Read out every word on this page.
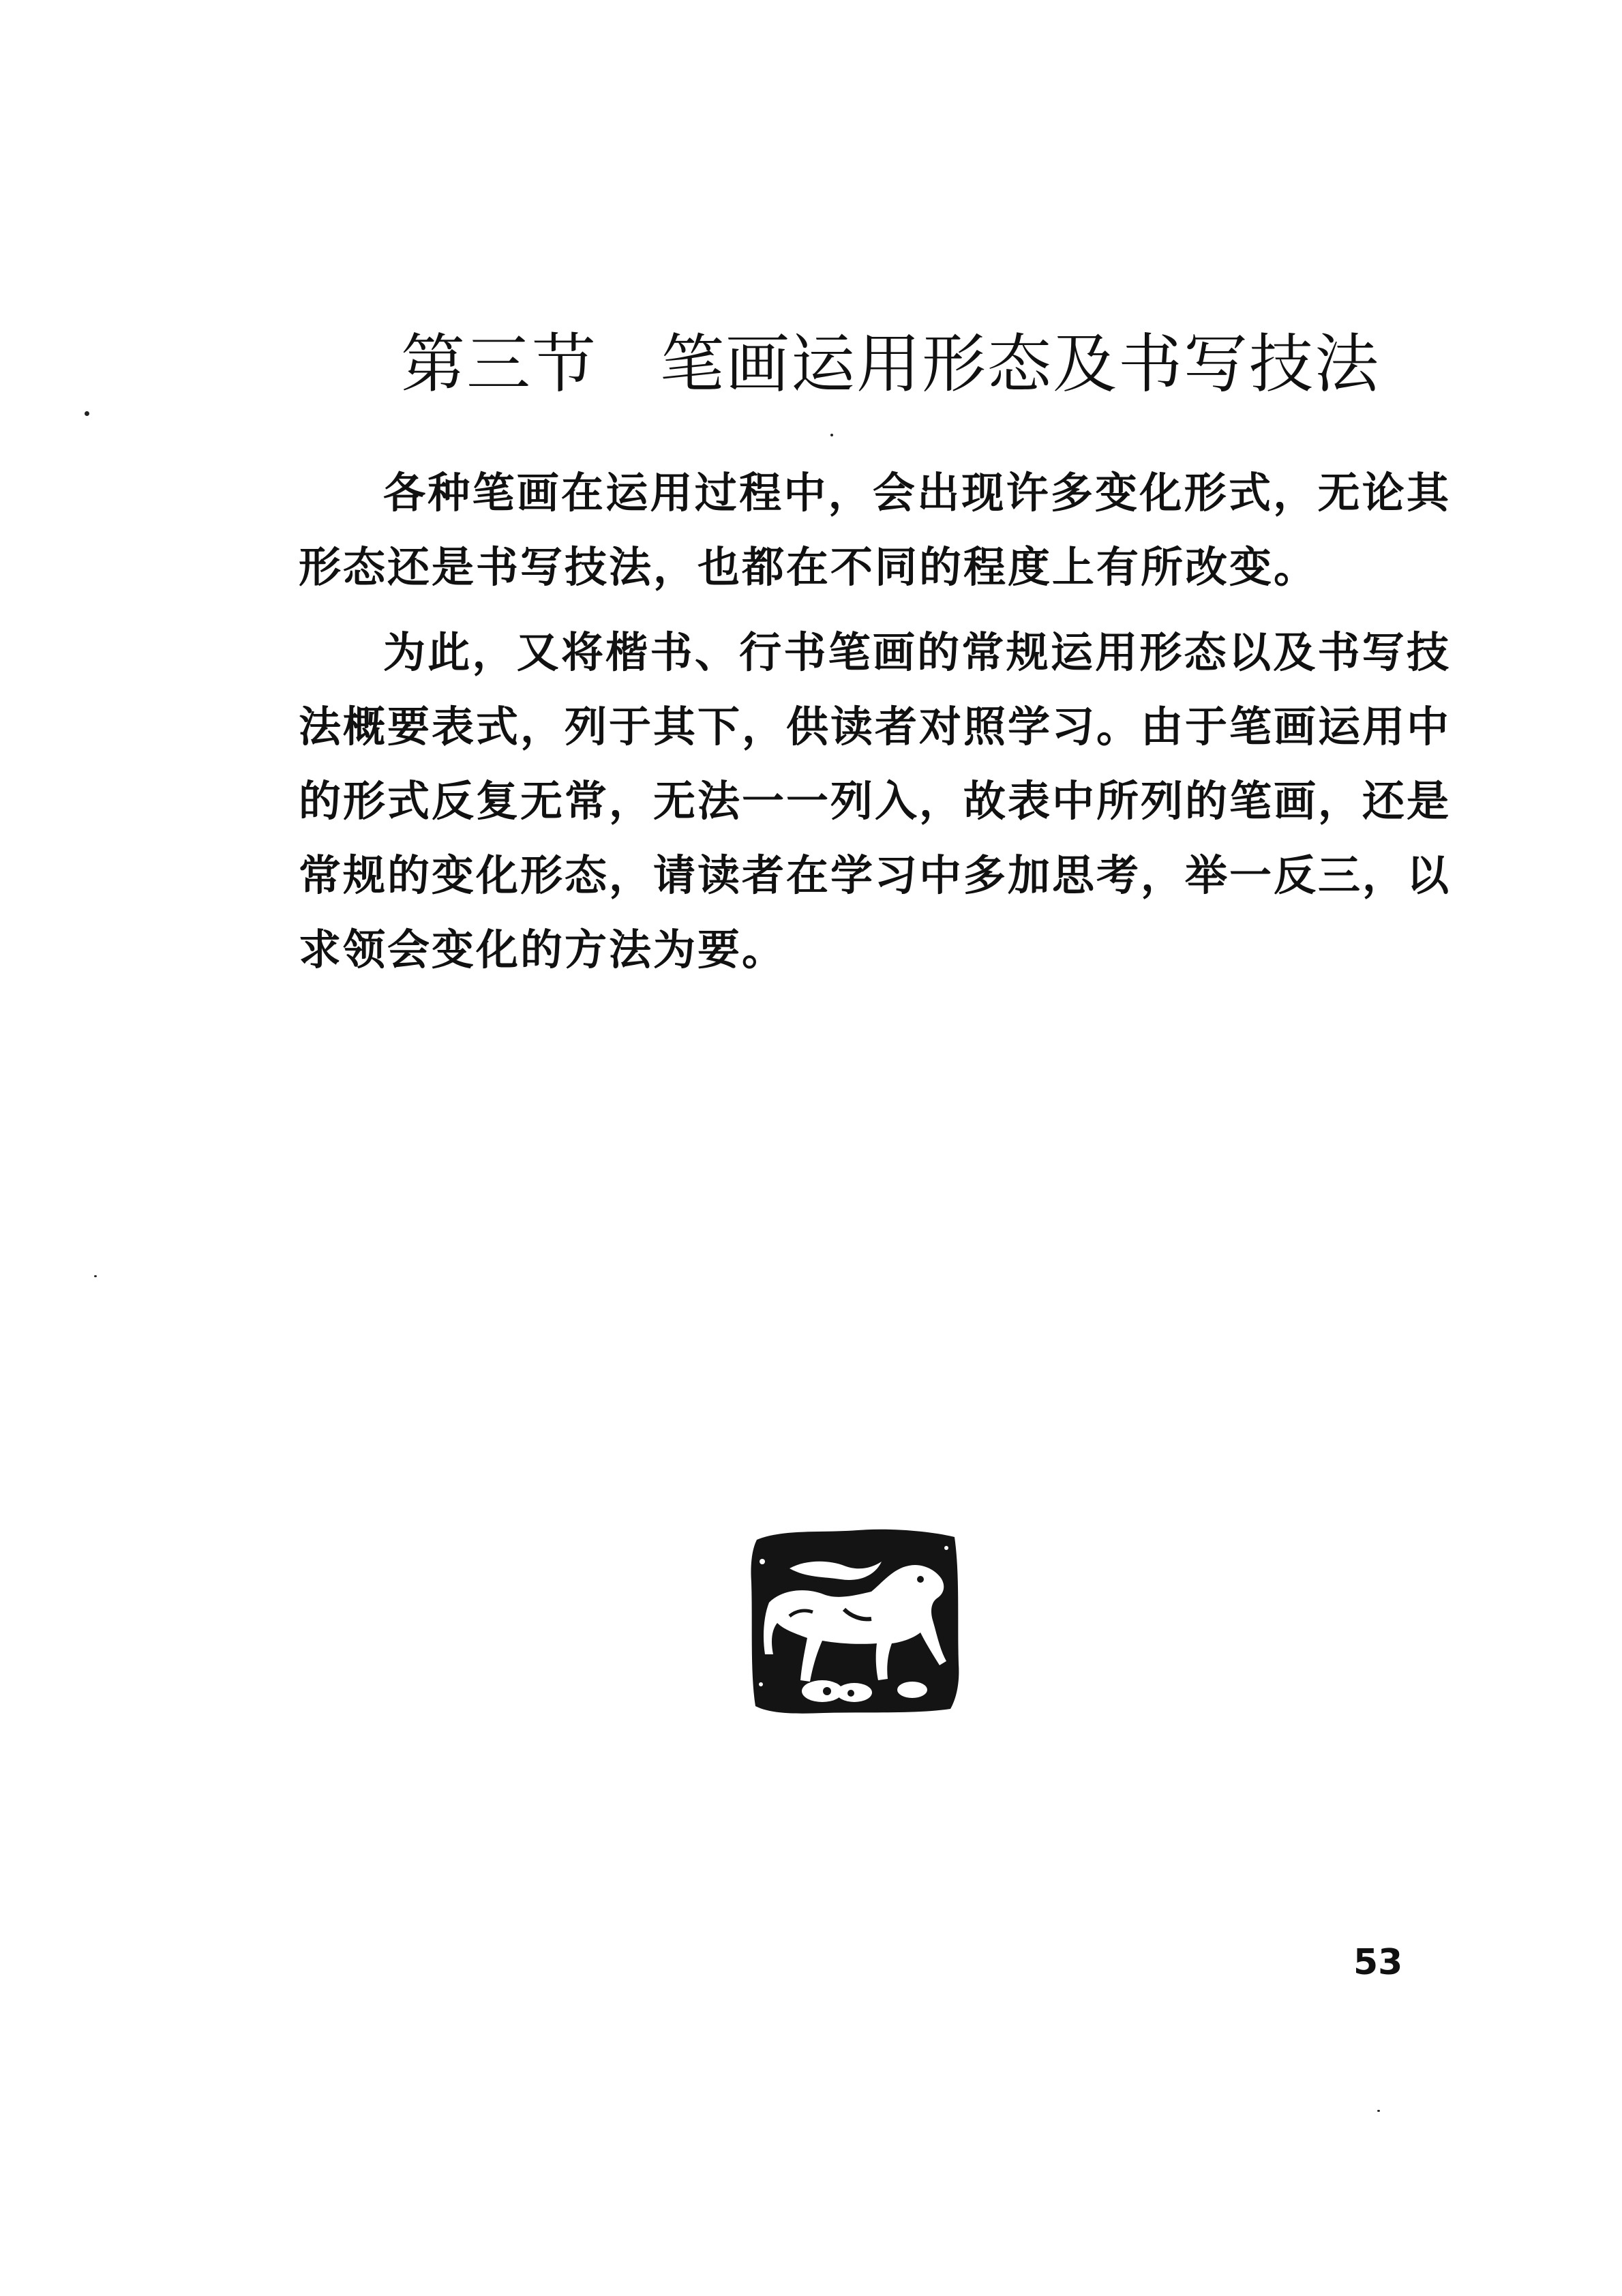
第三节 笔画运用形态及书写技法

各种笔画在运用过程中，会出现许多变化形式，无论其形态还是书写技法，也都在不同的程度上有所改变。

为此，又将楷书、行书笔画的常规运用形态以及书写技法概要表式，列于其下，供读者对照学习。由于笔画运用中的形式反复无常，无法一一列入，故表中所列的笔画，还是常规的变化形态，请读者在学习中多加思考，举一反三，以求领会变化的方法为要。

53
